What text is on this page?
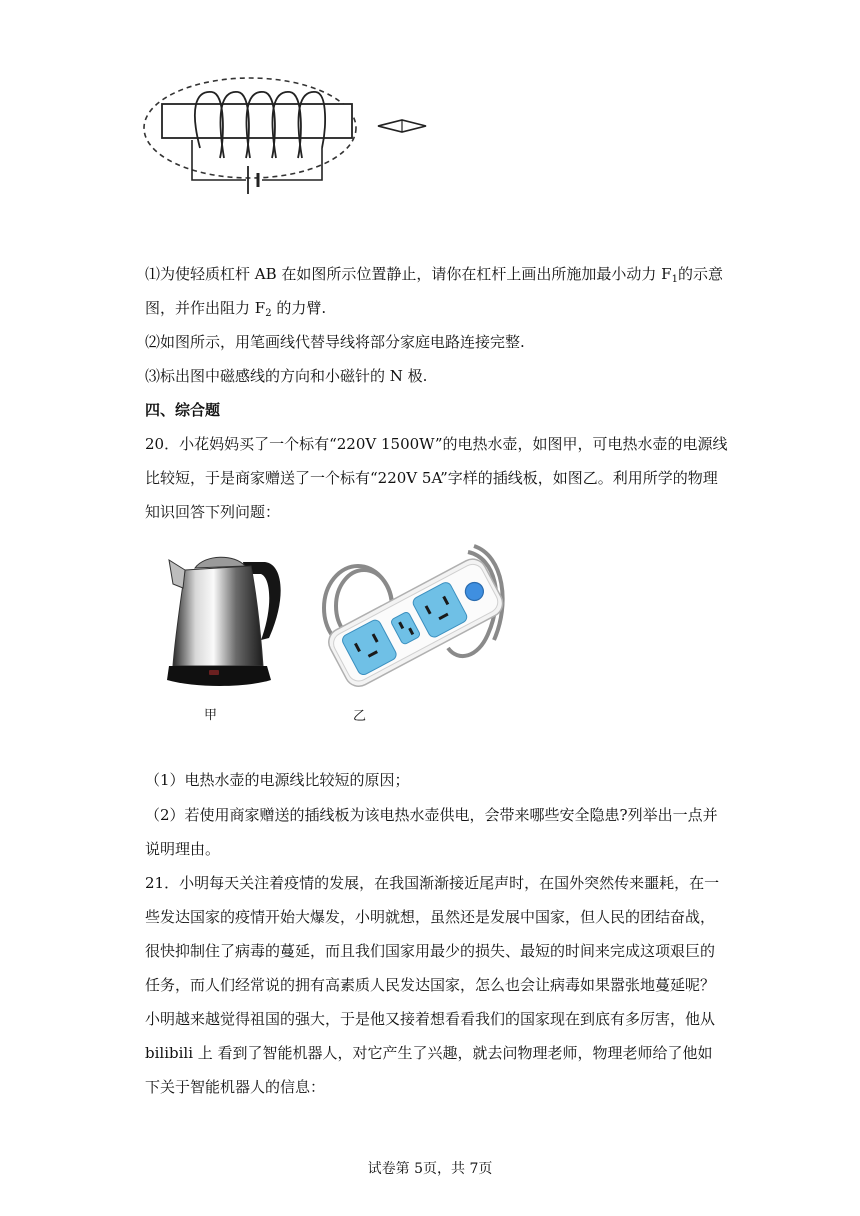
⑴为使轻质杠杆 AB 在如图所示位置静止，请你在杠杆上画出所施加最小动力 $F_1$的示意
图，并作出阻力 $F_2$ 的力臂.
⑵如图所示，用笔画线代替导线将部分家庭电路连接完整.
⑶标出图中磁感线的方向和小磁针的 N 极.
四、综合题
20．小花妈妈买了一个标有“220V 1500W”的电热水壶，如图甲，可电热水壶的电源线
比较短，于是商家赠送了一个标有“220V 5A”字样的插线板，如图乙。利用所学的物理
知识回答下列问题：
甲	乙
（1）电热水壶的电源线比较短的原因；
（2）若使用商家赠送的插线板为该电热水壶供电，会带来哪些安全隐患?列举出一点并
说明理由。
21．小明每天关注着疫情的发展，在我国渐渐接近尾声时，在国外突然传来噩耗，在一
些发达国家的疫情开始大爆发，小明就想，虽然还是发展中国家，但人民的团结奋战，
很快抑制住了病毒的蔓延，而且我们国家用最少的损失、最短的时间来完成这项艰巨的
任务，而人们经常说的拥有高素质人民发达国家，怎么也会让病毒如果嚣张地蔓延呢？
小明越来越觉得祖国的强大，于是他又接着想看看我们的国家现在到底有多厉害，他从
bilibili 上 看到了智能机器人，对它产生了兴趣，就去问物理老师，物理老师给了他如
下关于智能机器人的信息：
试卷第 5页，共 7页
